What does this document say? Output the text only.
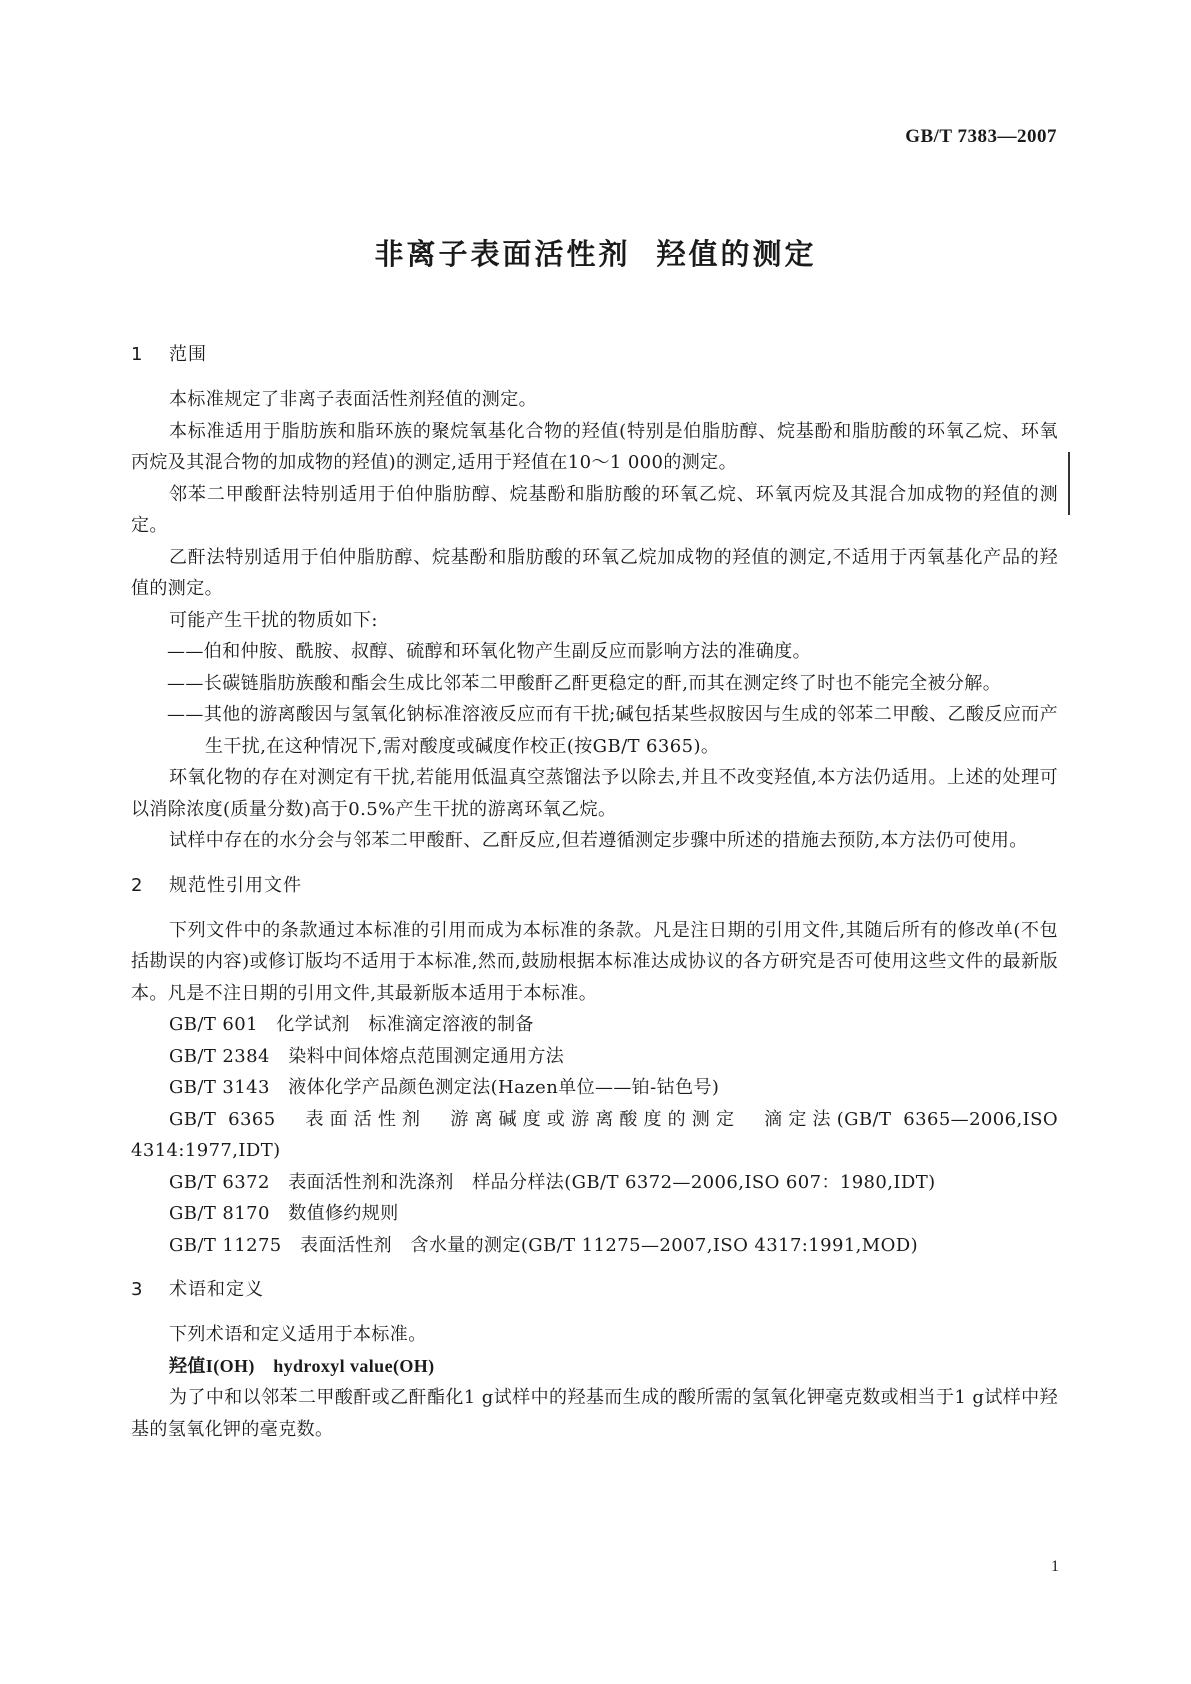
GB/T 7383—2007
非离子表面活性剂 羟值的测定
1 范围

本标准规定了非离子表面活性剂羟值的测定。

本标准适用于脂肪族和脂环族的聚烷氧基化合物的羟值(特别是伯脂肪醇、烷基酚和脂肪酸的环氧乙烷、环氧丙烷及其混合物的加成物的羟值)的测定,适用于羟值在10～1 000的测定。

邻苯二甲酸酐法特别适用于伯仲脂肪醇、烷基酚和脂肪酸的环氧乙烷、环氧丙烷及其混合加成物的羟值的测定。

乙酐法特别适用于伯仲脂肪醇、烷基酚和脂肪酸的环氧乙烷加成物的羟值的测定,不适用于丙氧基化产品的羟值的测定。

可能产生干扰的物质如下:

——伯和仲胺、酰胺、叔醇、硫醇和环氧化物产生副反应而影响方法的准确度。

——长碳链脂肪族酸和酯会生成比邻苯二甲酸酐乙酐更稳定的酐,而其在测定终了时也不能完全被分解。

——其他的游离酸因与氢氧化钠标准溶液反应而有干扰;碱包括某些叔胺因与生成的邻苯二甲酸、乙酸反应而产生干扰,在这种情况下,需对酸度或碱度作校正(按GB/T 6365)。

环氧化物的存在对测定有干扰,若能用低温真空蒸馏法予以除去,并且不改变羟值,本方法仍适用。上述的处理可以消除浓度(质量分数)高于0.5%产生干扰的游离环氧乙烷。

试样中存在的水分会与邻苯二甲酸酐、乙酐反应,但若遵循测定步骤中所述的措施去预防,本方法仍可使用。

2 规范性引用文件

下列文件中的条款通过本标准的引用而成为本标准的条款。凡是注日期的引用文件,其随后所有的修改单(不包括勘误的内容)或修订版均不适用于本标准,然而,鼓励根据本标准达成协议的各方研究是否可使用这些文件的最新版本。凡是不注日期的引用文件,其最新版本适用于本标准。

GB/T 601　化学试剂　标准滴定溶液的制备

GB/T 2384　染料中间体熔点范围测定通用方法

GB/T 3143　液体化学产品颜色测定法(Hazen单位——铂-钴色号)

GB/T 6365　表面活性剂　游离碱度或游离酸度的测定　滴定法(GB/T 6365—2006,ISO 4314:1977,IDT)

GB/T 6372　表面活性剂和洗涤剂　样品分样法(GB/T 6372—2006,ISO 607：1980,IDT)

GB/T 8170　数值修约规则

GB/T 11275　表面活性剂　含水量的测定(GB/T 11275—2007,ISO 4317:1991,MOD)

3 术语和定义

下列术语和定义适用于本标准。

羟值I(OH)　hydroxyl value(OH)

为了中和以邻苯二甲酸酐或乙酐酯化1 g试样中的羟基而生成的酸所需的氢氧化钾毫克数或相当于1 g试样中羟基的氢氧化钾的毫克数。

1
